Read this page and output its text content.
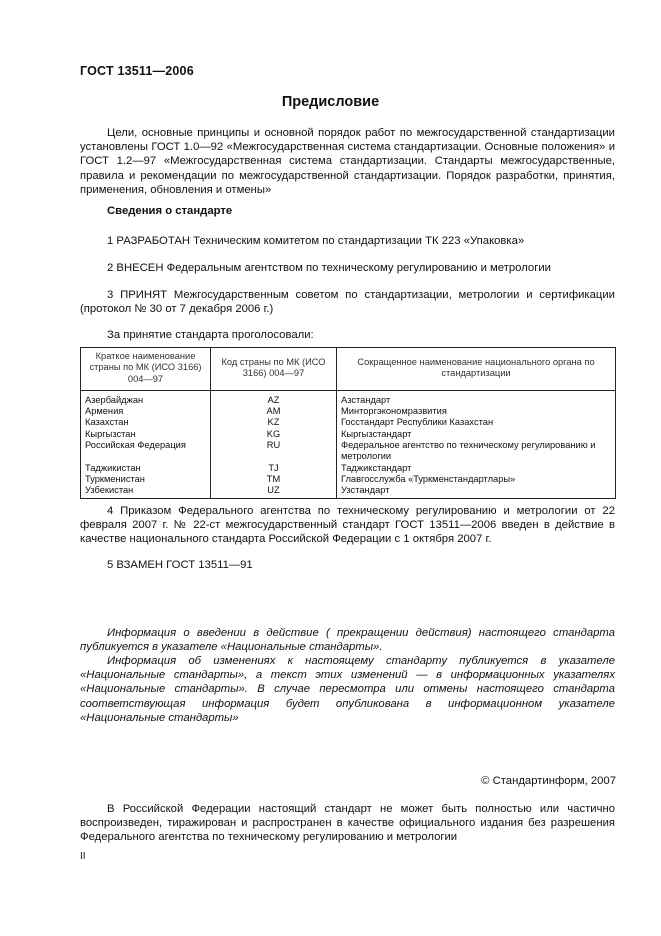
ГОСТ 13511—2006
Предисловие
Цели, основные принципы и основной порядок работ по межгосударственной стандартизации установлены ГОСТ 1.0—92 «Межгосударственная система стандартизации. Основные положения» и ГОСТ 1.2—97 «Межгосударственная система стандартизации. Стандарты межгосударственные, правила и рекомендации по межгосударственной стандартизации. Порядок разработки, принятия, применения, обновления и отмены»
Сведения о стандарте
1 РАЗРАБОТАН Техническим комитетом по стандартизации ТК 223 «Упаковка»
2 ВНЕСЕН Федеральным агентством по техническому регулированию и метрологии
3 ПРИНЯТ Межгосударственным советом по стандартизации, метрологии и сертификации (протокол № 30 от 7 декабря 2006 г.)
За принятие стандарта проголосовали:
Краткое наименование страны по МК (ИСО 3166) 004—97	Код страны по МК (ИСО 3166) 004—97	Сокращенное наименование национального органа по стандартизации
Азербайджан	AZ	Азстандарт
Армения	AM	Минторгэкономразвития
Казахстан	KZ	Госстандарт Республики Казахстан
Кыргызстан	KG	Кыргызстандарт
Российская Федерация	RU	Федеральное агентство по техническому регулированию и метрологии
Таджикистан	TJ	Таджикстандарт
Туркменистан	TM	Главгосслужба «Туркменстандартлары»
Узбекистан	UZ	Узстандарт
4 Приказом Федерального агентства по техническому регулированию и метрологии от 22 февраля 2007 г. № 22-ст межгосударственный стандарт ГОСТ 13511—2006 введен в действие в качестве национального стандарта Российской Федерации с 1 октября 2007 г.
5 ВЗАМЕН ГОСТ 13511—91
Информация о введении в действие ( прекращении действия) настоящего стандарта публикуется в указателе «Национальные стандарты».
Информация об изменениях к настоящему стандарту публикуется в указателе «Национальные стандарты», а текст этих изменений — в информационных указателях «Национальные стандарты». В случае пересмотра или отмены настоящего стандарта соответствующая информация будет опубликована в информационном указателе «Национальные стандарты»
© Стандартинформ, 2007
В Российской Федерации настоящий стандарт не может быть полностью или частично воспроизведен, тиражирован и распространен в качестве официального издания без разрешения Федерального агентства по техническому регулированию и метрологии
II
